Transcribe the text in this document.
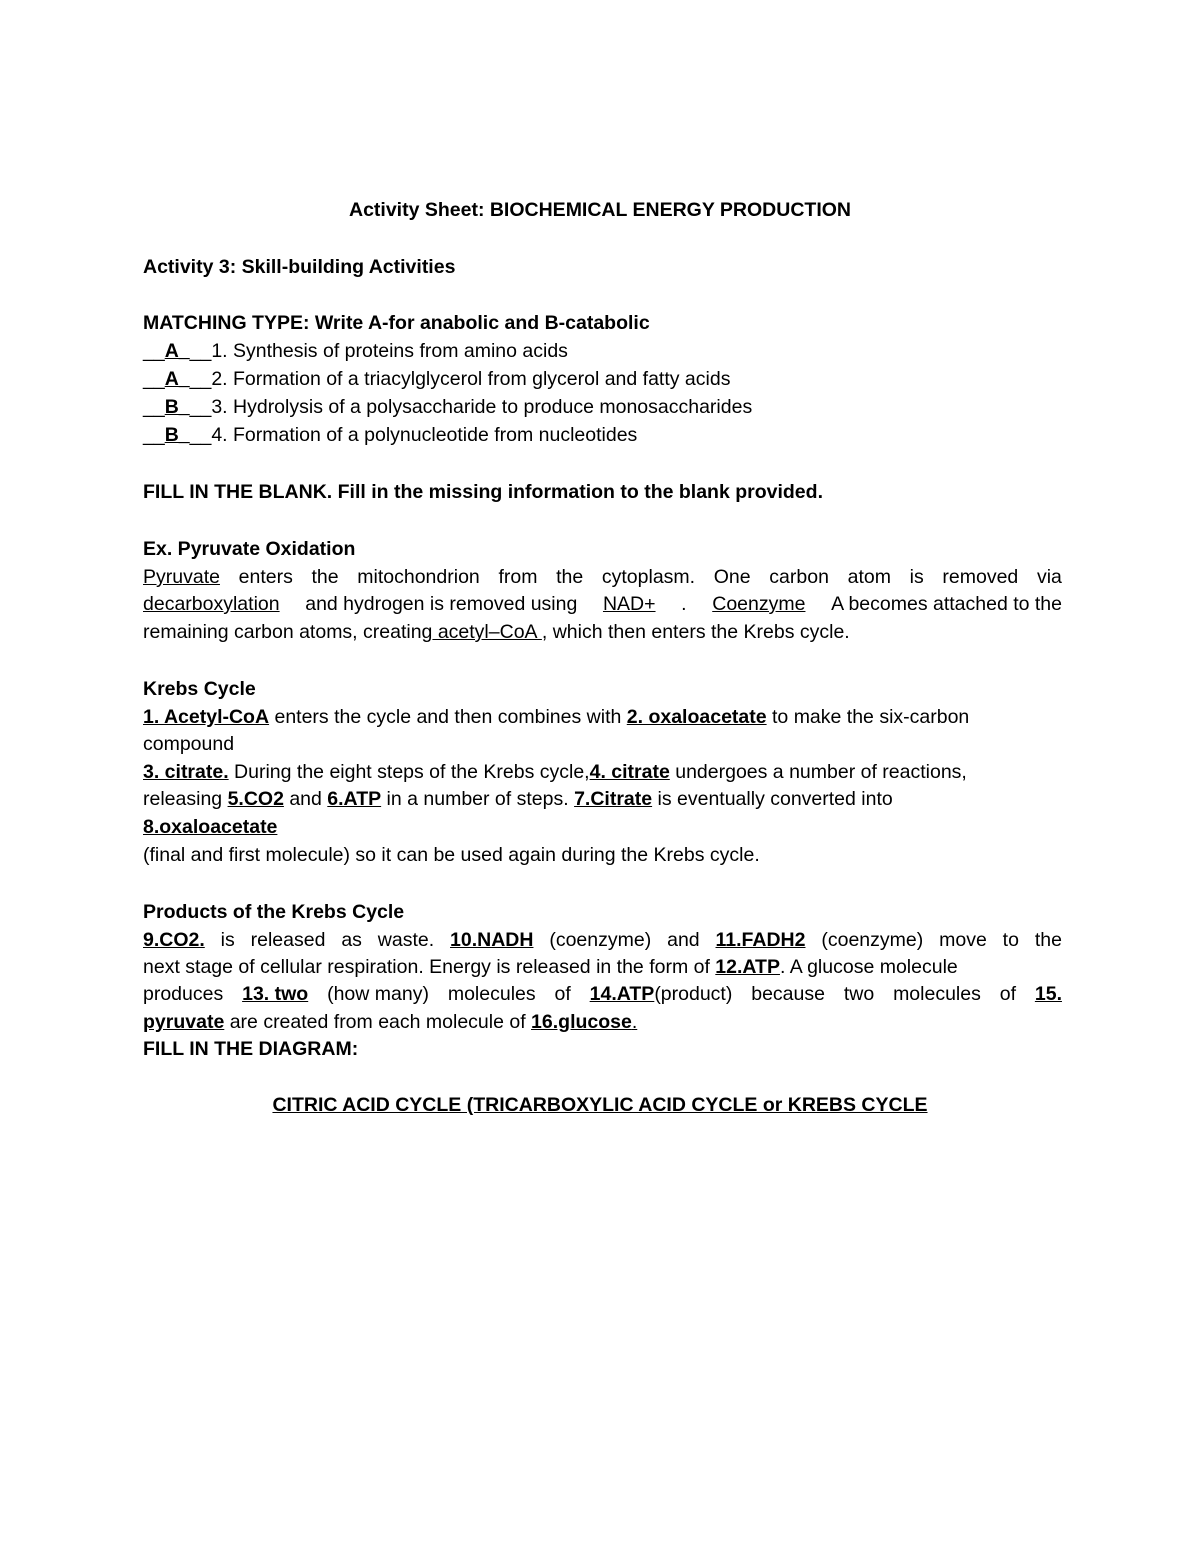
Activity Sheet: BIOCHEMICAL ENERGY PRODUCTION
Activity 3: Skill-building Activities
MATCHING TYPE: Write A-for anabolic and B-catabolic
__A___1. Synthesis of proteins from amino acids
__A___2. Formation of a triacylglycerol from glycerol and fatty acids
__B___3. Hydrolysis of a polysaccharide to produce monosaccharides
__B___4. Formation of a polynucleotide from nucleotides
FILL IN THE BLANK. Fill in the missing information to the blank provided.
Ex. Pyruvate Oxidation
Pyruvate enters the mitochondrion from the cytoplasm. One carbon atom is removed via
decarboxylation and hydrogen is removed using NAD+ . Coenzyme A becomes attached to the
remaining carbon atoms, creating acetyl–CoA , which then enters the Krebs cycle.
Krebs Cycle
1. Acetyl-CoA enters the cycle and then combines with 2. oxaloacetate to make the six-carbon
compound
3. citrate. During the eight steps of the Krebs cycle,4. citrate undergoes a number of reactions,
releasing 5.CO2 and 6.ATP in a number of steps. 7.Citrate is eventually converted into
8.oxaloacetate
(final and first molecule) so it can be used again during the Krebs cycle.
Products of the Krebs Cycle
9.CO2. is released as waste. 10.NADH (coenzyme) and 11.FADH2 (coenzyme) move to the
next stage of cellular respiration. Energy is released in the form of 12.ATP. A glucose molecule
produces 13. two (how many) molecules of 14.ATP(product) because two molecules of 15.
pyruvate are created from each molecule of 16.glucose.
FILL IN THE DIAGRAM:
CITRIC ACID CYCLE (TRICARBOXYLIC ACID CYCLE or KREBS CYCLE
